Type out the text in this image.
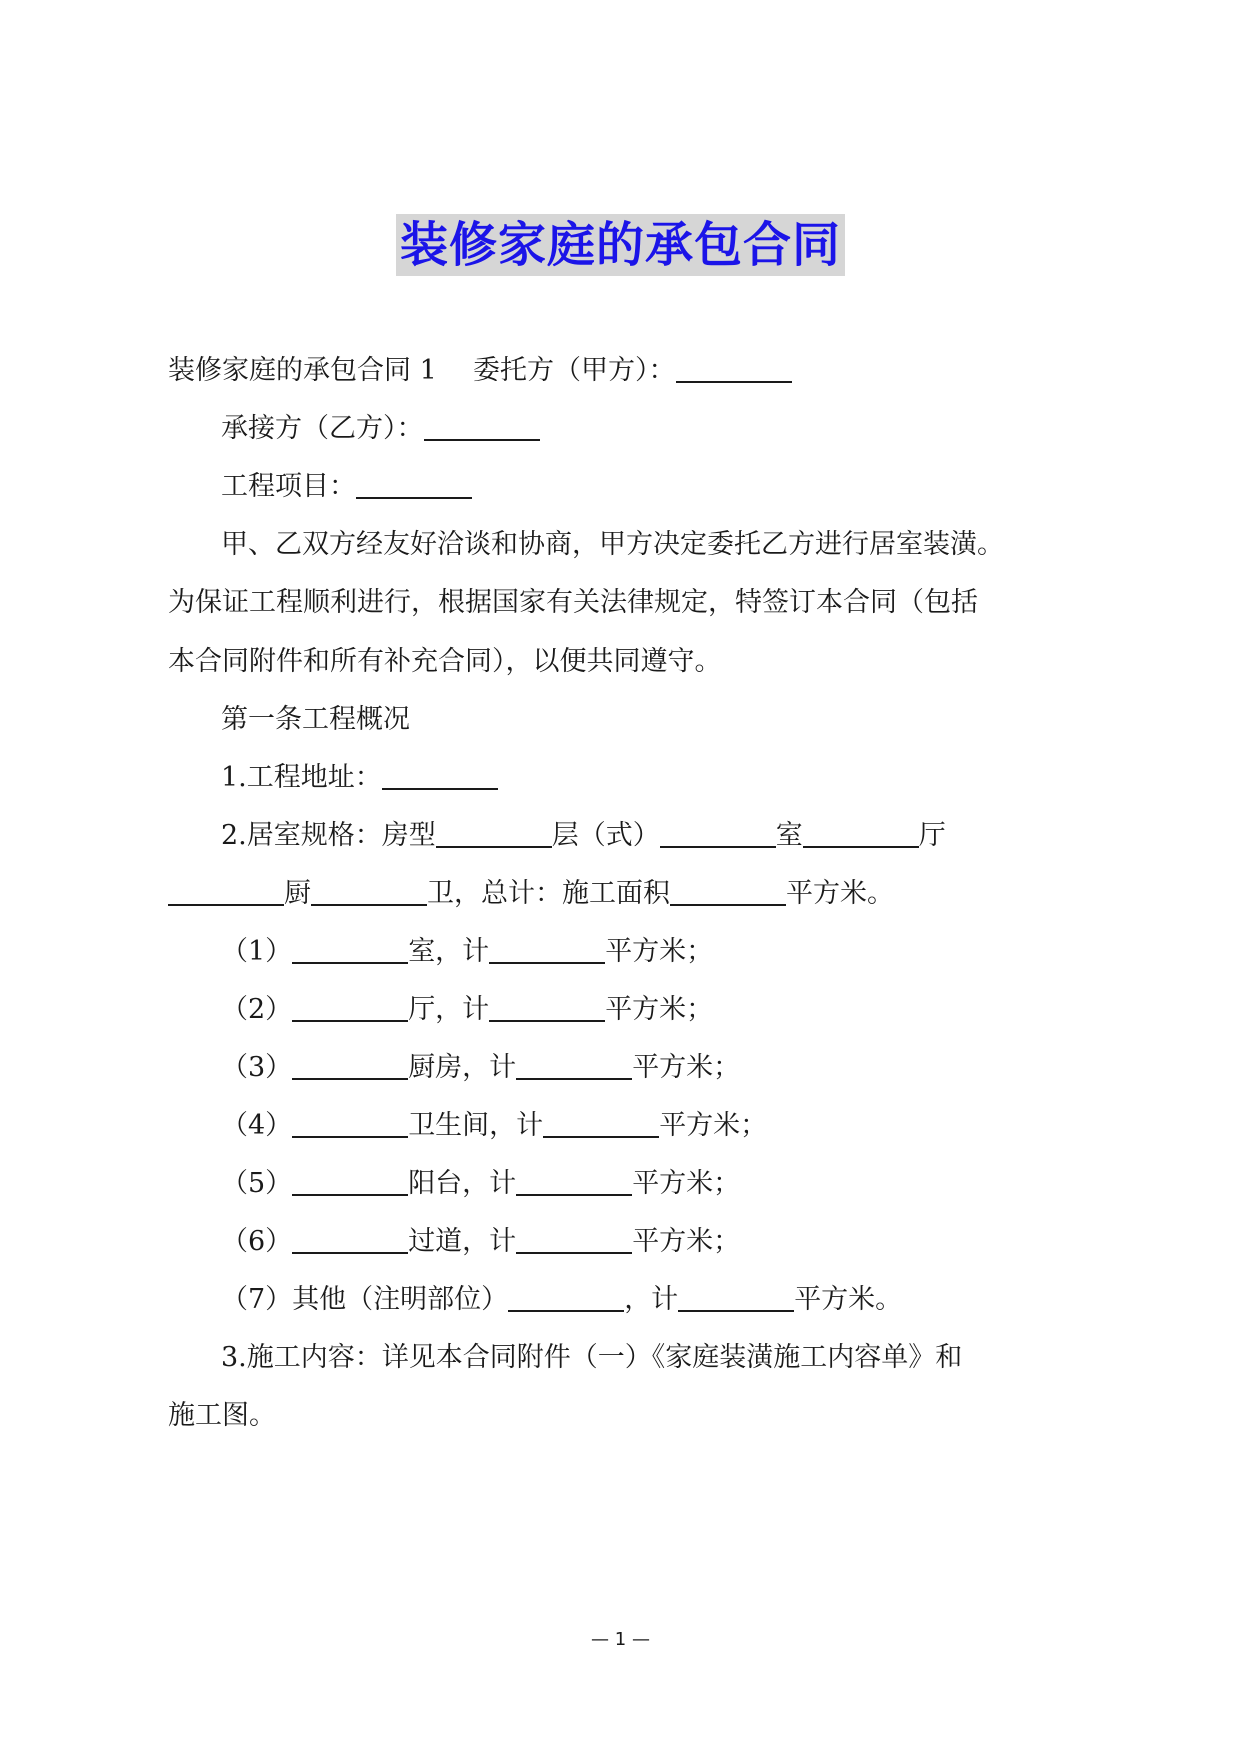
装修家庭的承包合同
装修家庭的承包合同 1 委托方（甲方）：
承接方（乙方）：
工程项目：
甲、乙双方经友好洽谈和协商，甲方决定委托乙方进行居室装潢。
为保证工程顺利进行，根据国家有关法律规定，特签订本合同（包括
本合同附件和所有补充合同），以便共同遵守。
第一条工程概况
1.工程地址：
2.居室规格：房型	层（式）	室	厅
厨	卫，总计：施工面积	平方米。
（1）	室，计	平方米；
（2）	厅，计	平方米；
（3）	厨房，计	平方米；
（4）	卫生间，计	平方米；
（5）	阳台，计	平方米；
（6）	过道，计	平方米；
（7）其他（注明部位）	，计	平方米。
3.施工内容：详见本合同附件（一）《家庭装潢施工内容单》和
施工图。
— 1 —
